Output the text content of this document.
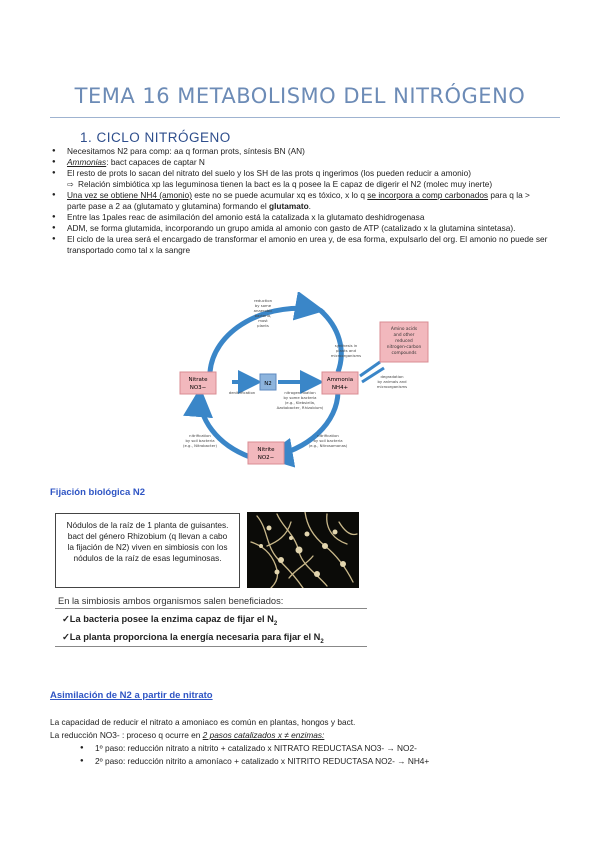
TEMA 16 METABOLISMO DEL NITRÓGENO
1. CICLO NITRÓGENO
● Necesitamos N2 para comp: aa q forman prots, síntesis BN (AN)
● Ammonias: bact capaces de captar N
● El resto de prots lo sacan del nitrato del suelo y los SH de las prots q ingerimos (los pueden reducir a amonio)
⇨ Relación simbiótica xp las leguminosa tienen la bact es la q posee la E capaz de digerir el N2 (molec muy inerte)
● Una vez se obtiene NH4 (amonio) este no se puede acumular xq es tóxico, x lo q se incorpora a comp carbonados para q la > parte pase a 2 aa (glutamato y glutamina) formando el glutamato.
● Entre las 1pales reac de asimilación del amonio está la catalizada x la glutamato deshidrogenasa
● ADM, se forma glutamida, incorporando un grupo amida al amonio con gasto de ATP (catalizado x la glutamina sintetasa).
● El ciclo de la urea será el encargado de transformar el amonio en urea y, de esa forma, expulsarlo del org. El amonio no puede ser transportado como tal x la sangre
Nitrate
NO3−
N2
Ammonia
NH4+
Nitrite
NO2−
Amino acids
and other
reduced
nitrogen-carbon
compounds
reduction
by some
anaerobic
bacteria,
most
plants
synthesis in
plants and
microorganisms
degradation
by animals and
microorganisms
denitrification	nitrogen fixation
by some bacteria
(e.g., Klebsiella,
Azotobacter, Rhizobium)
nitrification
by soil bacteria
(e.g., Nitrobacter)
nitrification
by soil bacteria
(e.g., Nitrosomonas)
Fijación biológica N2
Nódulos de la raíz de 1 planta de guisantes. bact del género Rhizobium (q llevan a cabo la fijación de N2) viven en simbiosis con los nódulos de la raíz de esas leguminosas.
En la simbiosis ambos organismos salen beneficiados:
✓La bacteria posee la enzima capaz de fijar el $N_2$
✓La planta proporciona la energía necesaria para fijar el $N_2$
Asimilación de N2 a partir de nitrato
La capacidad de reducir el nitrato a amoniaco es común en plantas, hongos y bact.
La reducción NO3- : proceso q ocurre en 2 pasos catalizados x ≠ enzimas:
● 1º paso: reducción nitrato a nitrito + catalizado x NITRATO REDUCTASA NO3- → NO2-
● 2º paso: reducción nitrito a amoníaco + catalizado x NITRITO REDUCTASA NO2- → NH4+
